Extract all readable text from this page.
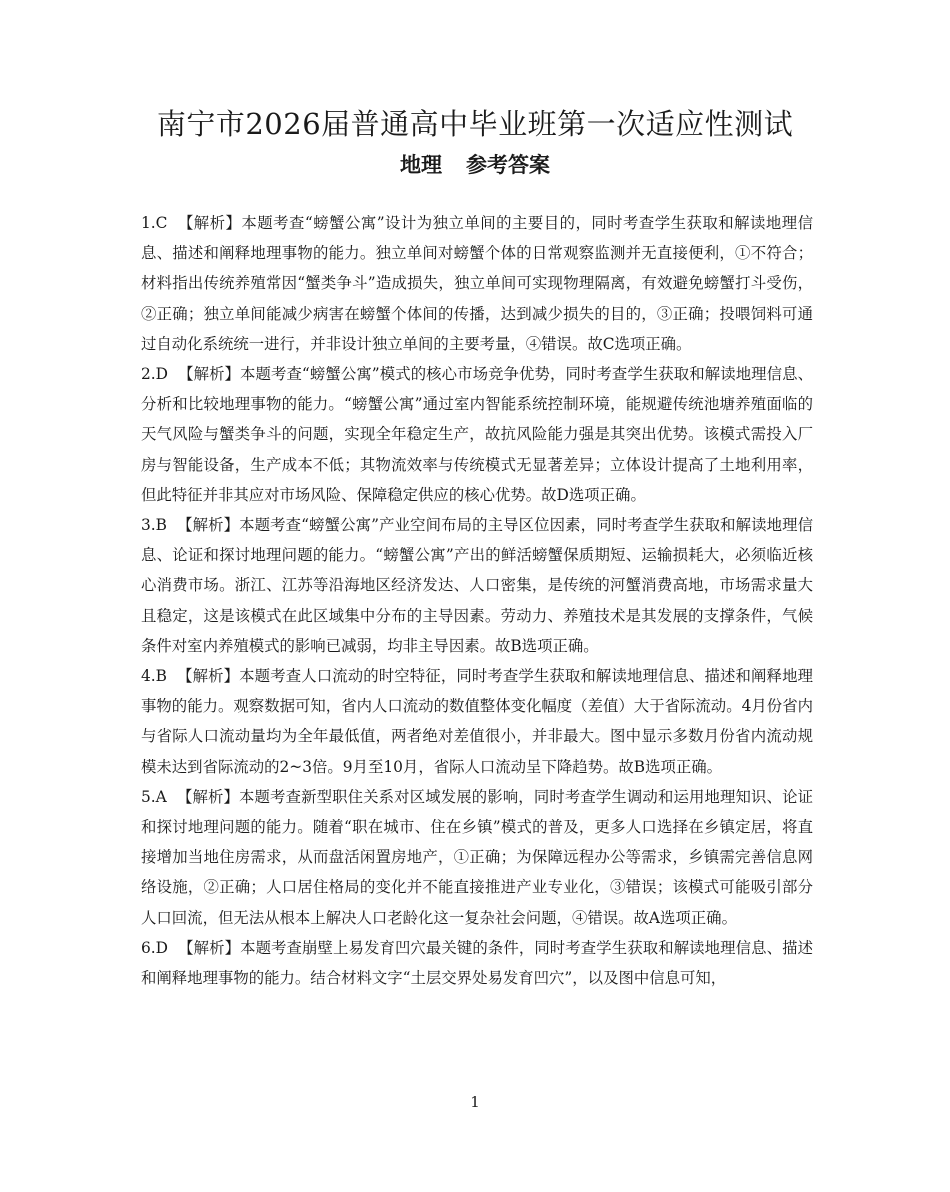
南宁市2026届普通高中毕业班第一次适应性测试
地理 参考答案

1.C 【解析】本题考查“螃蟹公寓”设计为独立单间的主要目的，同时考查学生获取和解读地理信息、描述和阐释地理事物的能力。独立单间对螃蟹个体的日常观察监测并无直接便利，①不符合；材料指出传统养殖常因“蟹类争斗”造成损失，独立单间可实现物理隔离，有效避免螃蟹打斗受伤，②正确；独立单间能减少病害在螃蟹个体间的传播，达到减少损失的目的，③正确；投喂饲料可通过自动化系统统一进行，并非设计独立单间的主要考量，④错误。故C选项正确。

2.D 【解析】本题考查“螃蟹公寓”模式的核心市场竞争优势，同时考查学生获取和解读地理信息、分析和比较地理事物的能力。“螃蟹公寓”通过室内智能系统控制环境，能规避传统池塘养殖面临的天气风险与蟹类争斗的问题，实现全年稳定生产，故抗风险能力强是其突出优势。该模式需投入厂房与智能设备，生产成本不低；其物流效率与传统模式无显著差异；立体设计提高了土地利用率，但此特征并非其应对市场风险、保障稳定供应的核心优势。故D选项正确。

3.B 【解析】本题考查“螃蟹公寓”产业空间布局的主导区位因素，同时考查学生获取和解读地理信息、论证和探讨地理问题的能力。“螃蟹公寓”产出的鲜活螃蟹保质期短、运输损耗大，必须临近核心消费市场。浙江、江苏等沿海地区经济发达、人口密集，是传统的河蟹消费高地，市场需求量大且稳定，这是该模式在此区域集中分布的主导因素。劳动力、养殖技术是其发展的支撑条件，气候条件对室内养殖模式的影响已减弱，均非主导因素。故B选项正确。

4.B 【解析】本题考查人口流动的时空特征，同时考查学生获取和解读地理信息、描述和阐释地理事物的能力。观察数据可知，省内人口流动的数值整体变化幅度（差值）大于省际流动。4月份省内与省际人口流动量均为全年最低值，两者绝对差值很小，并非最大。图中显示多数月份省内流动规模未达到省际流动的2~3倍。9月至10月，省际人口流动呈下降趋势。故B选项正确。

5.A 【解析】本题考查新型职住关系对区域发展的影响，同时考查学生调动和运用地理知识、论证和探讨地理问题的能力。随着“职在城市、住在乡镇”模式的普及，更多人口选择在乡镇定居，将直接增加当地住房需求，从而盘活闲置房地产，①正确；为保障远程办公等需求，乡镇需完善信息网络设施，②正确；人口居住格局的变化并不能直接推进产业专业化，③错误；该模式可能吸引部分人口回流，但无法从根本上解决人口老龄化这一复杂社会问题，④错误。故A选项正确。

6.D 【解析】本题考查崩壁上易发育凹穴最关键的条件，同时考查学生获取和解读地理信息、描述和阐释地理事物的能力。结合材料文字“土层交界处易发育凹穴”，以及图中信息可知，

1
